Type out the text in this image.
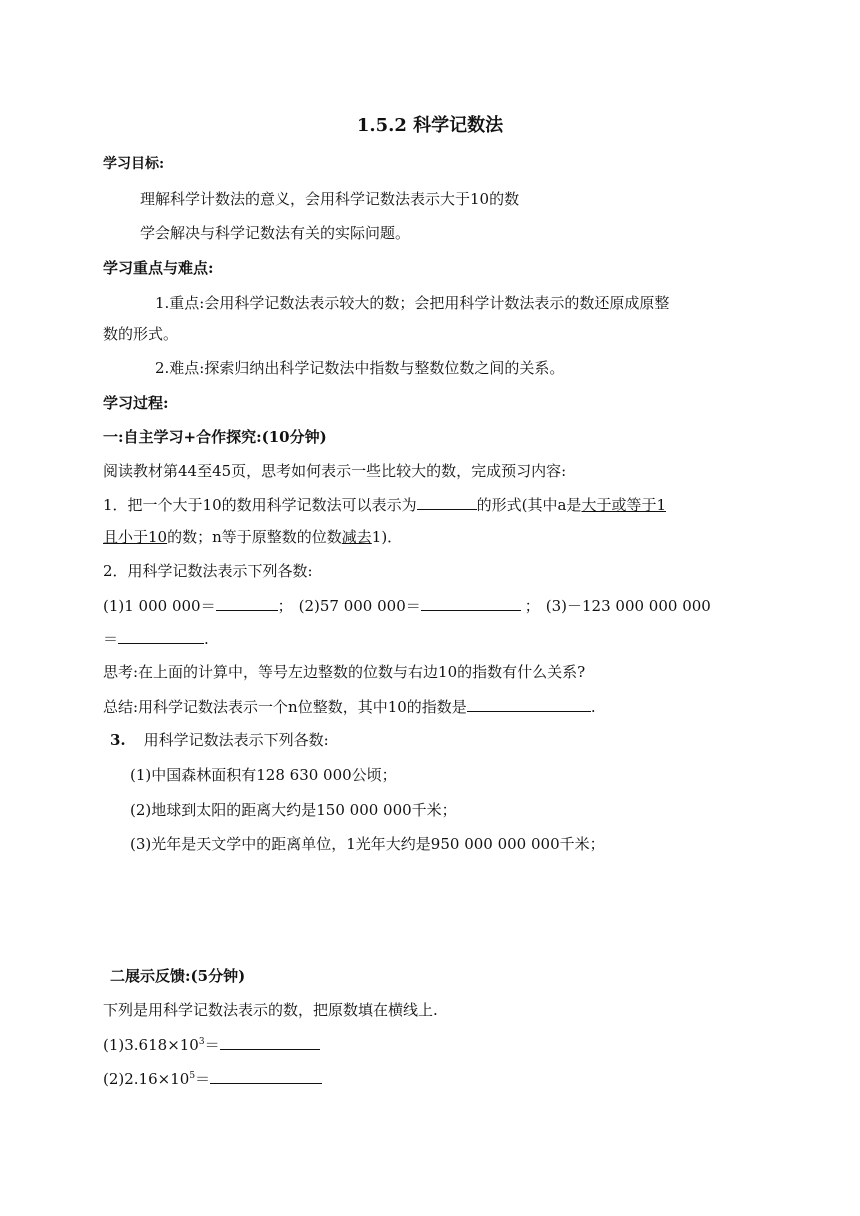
1.5.2 科学记数法
学习目标:
理解科学计数法的意义，会用科学记数法表示大于10的数
学会解决与科学记数法有关的实际问题。
学习重点与难点:
1.重点:会用科学记数法表示较大的数；会把用科学计数法表示的数还原成原整
数的形式。
2.难点:探索归纳出科学记数法中指数与整数位数之间的关系。
学习过程:
一:自主学习+合作探究:(10分钟)
阅读教材第44至45页，思考如何表示一些比较大的数，完成预习内容:
1．把一个大于10的数用科学记数法可以表示为	的形式(其中a是大于或等于1
且小于10的数；n等于原整数的位数减去1)．
2．用科学记数法表示下列各数:
(1)1 000 000＝	； (2)57 000 000＝	； (3)－123 000 000 000
＝	.
思考:在上面的计算中，等号左边整数的位数与右边10的指数有什么关系?
总结:用科学记数法表示一个n位整数，其中10的指数是	.
3. 用科学记数法表示下列各数:
(1)中国森林面积有128 630 000公顷；
(2)地球到太阳的距离大约是150 000 000千米；
(3)光年是天文学中的距离单位，1光年大约是950 000 000 000千米；
二展示反馈:(5分钟)
下列是用科学记数法表示的数，把原数填在横线上.
$(1)3.618\times 10^3=$
$(2)2.16\times 10^5=$
